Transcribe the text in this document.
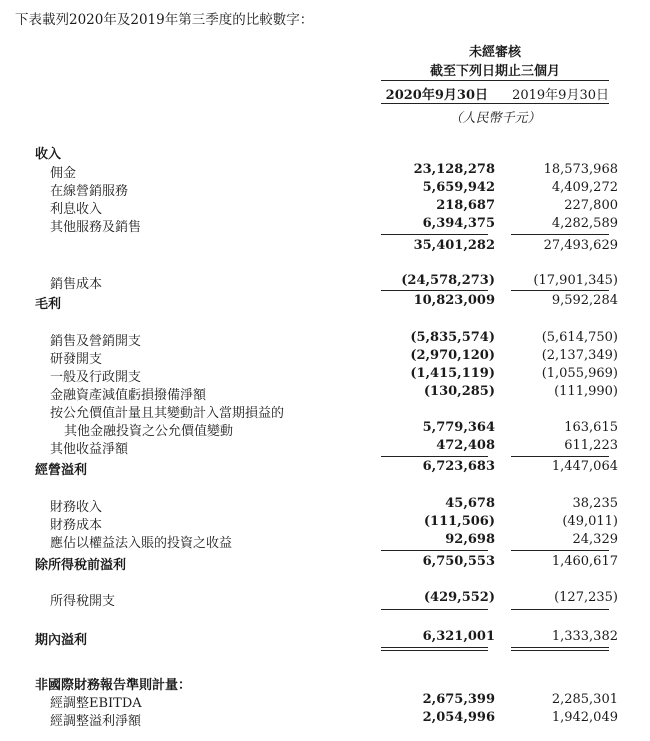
下表載列2020年及2019年第三季度的比較數字：
未經審核
截至下列日期止三個月
2020年9月30日	2019年9月30日
（人民幣千元）
收入
佣金	23,128,278	18,573,968
在線營銷服務	5,659,942	4,409,272
利息收入	218,687	227,800
其他服務及銷售	6,394,375	4,282,589
35,401,282	27,493,629
銷售成本	(24,578,273)	(17,901,345)
毛利	10,823,009	9,592,284
銷售及營銷開支	(5,835,574)	(5,614,750)
研發開支	(2,970,120)	(2,137,349)
一般及行政開支	(1,415,119)	(1,055,969)
金融資產減值虧損撥備淨額	(130,285)	(111,990)
按公允價值計量且其變動計入當期損益的
其他金融投資之公允價值變動	5,779,364	163,615
其他收益淨額	472,408	611,223
經營溢利	6,723,683	1,447,064
財務收入	45,678	38,235
財務成本	(111,506)	(49,011)
應佔以權益法入賬的投資之收益	92,698	24,329
除所得稅前溢利	6,750,553	1,460,617
所得稅開支	(429,552)	(127,235)
期內溢利	6,321,001	1,333,382
非國際財務報告準則計量：
經調整EBITDA	2,675,399	2,285,301
經調整溢利淨額	2,054,996	1,942,049
